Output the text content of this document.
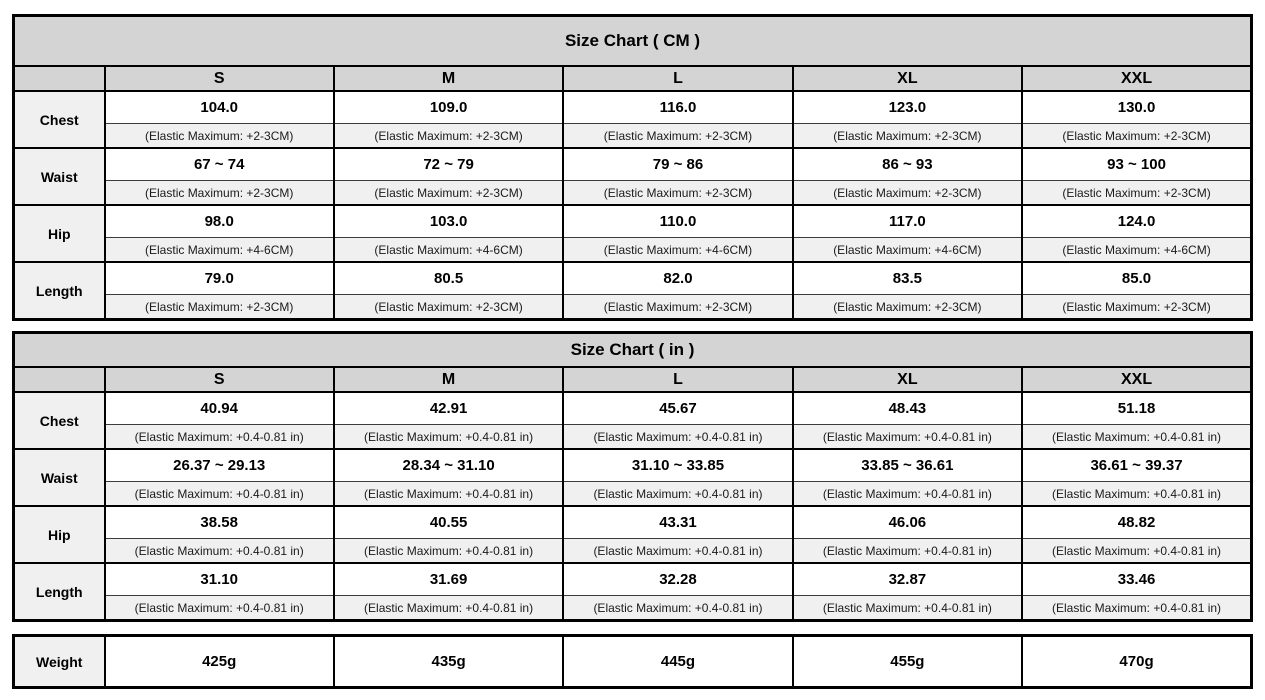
Size Chart ( CM )					
	S	M	L	XL	XXL
Chest	104.0	109.0	116.0	123.0	130.0
	(Elastic Maximum: +2-3CM)	(Elastic Maximum: +2-3CM)	(Elastic Maximum: +2-3CM)	(Elastic Maximum: +2-3CM)	(Elastic Maximum: +2-3CM)
Waist	67 ~ 74	72 ~ 79	79 ~ 86	86 ~ 93	93 ~ 100
	(Elastic Maximum: +2-3CM)	(Elastic Maximum: +2-3CM)	(Elastic Maximum: +2-3CM)	(Elastic Maximum: +2-3CM)	(Elastic Maximum: +2-3CM)
Hip	98.0	103.0	110.0	117.0	124.0
	(Elastic Maximum: +4-6CM)	(Elastic Maximum: +4-6CM)	(Elastic Maximum: +4-6CM)	(Elastic Maximum: +4-6CM)	(Elastic Maximum: +4-6CM)
Length	79.0	80.5	82.0	83.5	85.0
	(Elastic Maximum: +2-3CM)	(Elastic Maximum: +2-3CM)	(Elastic Maximum: +2-3CM)	(Elastic Maximum: +2-3CM)	(Elastic Maximum: +2-3CM)
Size Chart ( in )					
	S	M	L	XL	XXL
Chest	40.94	42.91	45.67	48.43	51.18
	(Elastic Maximum: +0.4-0.81 in)	(Elastic Maximum: +0.4-0.81 in)	(Elastic Maximum: +0.4-0.81 in)	(Elastic Maximum: +0.4-0.81 in)	(Elastic Maximum: +0.4-0.81 in)
Waist	26.37 ~ 29.13	28.34 ~ 31.10	31.10 ~ 33.85	33.85 ~ 36.61	36.61 ~ 39.37
	(Elastic Maximum: +0.4-0.81 in)	(Elastic Maximum: +0.4-0.81 in)	(Elastic Maximum: +0.4-0.81 in)	(Elastic Maximum: +0.4-0.81 in)	(Elastic Maximum: +0.4-0.81 in)
Hip	38.58	40.55	43.31	46.06	48.82
	(Elastic Maximum: +0.4-0.81 in)	(Elastic Maximum: +0.4-0.81 in)	(Elastic Maximum: +0.4-0.81 in)	(Elastic Maximum: +0.4-0.81 in)	(Elastic Maximum: +0.4-0.81 in)
Length	31.10	31.69	32.28	32.87	33.46
	(Elastic Maximum: +0.4-0.81 in)	(Elastic Maximum: +0.4-0.81 in)	(Elastic Maximum: +0.4-0.81 in)	(Elastic Maximum: +0.4-0.81 in)	(Elastic Maximum: +0.4-0.81 in)
Weight	425g	435g	445g	455g	470g
